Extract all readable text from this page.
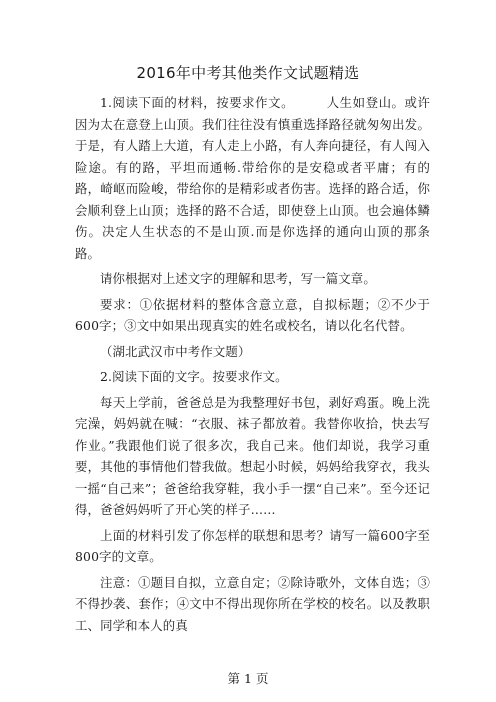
2016年中考其他类作文试题精选

1.阅读下面的材料，按要求作文。　　　人生如登山。或许因为太在意登上山顶。我们往往没有慎重选择路径就匆匆出发。于是，有人踏上大道，有人走上小路，有人奔向捷径，有人闯入险途。有的路，平坦而通畅.带给你的是安稳或者平庸；有的路，崎岖而险峻，带给你的是精彩或者伤害。选择的路合适，你会顺利登上山顶；选择的路不合适，即使登上山顶。也会遍体鳞伤。决定人生状态的不是山顶.而是你选择的通向山顶的那条路。

请你根据对上述文字的理解和思考，写一篇文章。

要求：①依据材料的整体含意立意，自拟标题；②不少于600字；③文中如果出现真实的姓名或校名，请以化名代替。

（湖北武汉市中考作文题）

2.阅读下面的文字。按要求作文。

每天上学前，爸爸总是为我整理好书包，剥好鸡蛋。晚上洗完澡，妈妈就在喊：“衣服、袜子都放着。我替你收拾，快去写作业。”我跟他们说了很多次，我自己来。他们却说，我学习重要，其他的事情他们替我做。想起小时候，妈妈给我穿衣，我头一摇“自己来”；爸爸给我穿鞋，我小手一摆“自己来”。至今还记得，爸爸妈妈听了开心笑的样子……

上面的材料引发了你怎样的联想和思考？请写一篇600字至800字的文章。

注意：①题目自拟，立意自定；②除诗歌外，文体自选；③不得抄袭、套作；④文中不得出现你所在学校的校名。以及教职工、同学和本人的真

第 1 页
